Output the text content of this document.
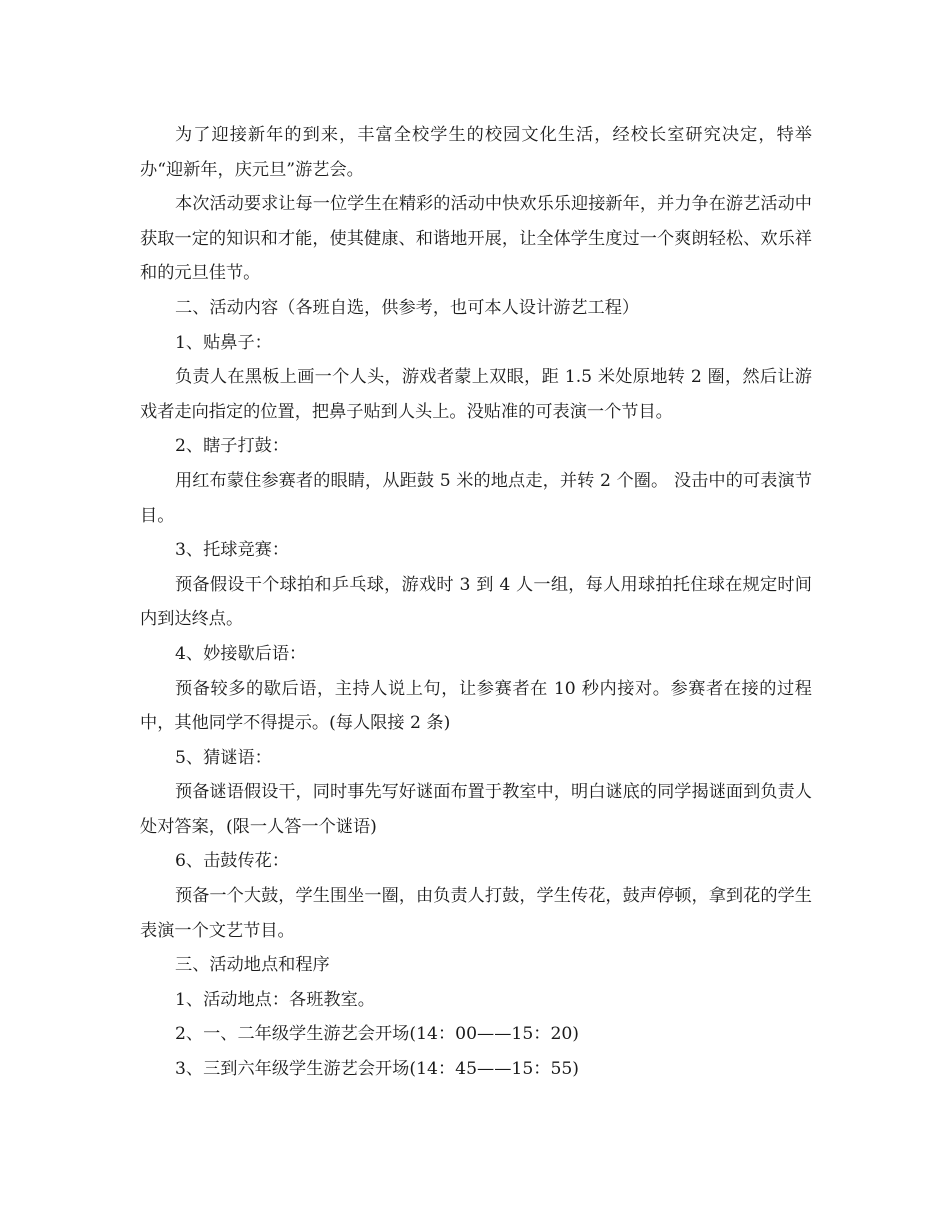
为了迎接新年的到来，丰富全校学生的校园文化生活，经校长室研究决定，特举办“迎新年，庆元旦”游艺会。

本次活动要求让每一位学生在精彩的活动中快欢乐乐迎接新年，并力争在游艺活动中获取一定的知识和才能，使其健康、和谐地开展，让全体学生度过一个爽朗轻松、欢乐祥和的元旦佳节。

二、活动内容（各班自选，供参考，也可本人设计游艺工程）

1、贴鼻子：

负责人在黑板上画一个人头，游戏者蒙上双眼，距 1.5 米处原地转 2 圈，然后让游戏者走向指定的位置，把鼻子贴到人头上。没贴准的可表演一个节目。

2、瞎子打鼓：

用红布蒙住参赛者的眼睛，从距鼓 5 米的地点走，并转 2 个圈。 没击中的可表演节目。

3、托球竞赛：

预备假设干个球拍和乒乓球，游戏时 3 到 4 人一组，每人用球拍托住球在规定时间内到达终点。

4、妙接歇后语：

预备较多的歇后语，主持人说上句，让参赛者在 10 秒内接对。参赛者在接的过程中，其他同学不得提示。(每人限接 2 条)

5、猜谜语：

预备谜语假设干，同时事先写好谜面布置于教室中，明白谜底的同学揭谜面到负责人处对答案，(限一人答一个谜语)

6、击鼓传花：

预备一个大鼓，学生围坐一圈，由负责人打鼓，学生传花，鼓声停顿，拿到花的学生表演一个文艺节目。

三、活动地点和程序

1、活动地点：各班教室。

2、一、二年级学生游艺会开场(14：00——15：20)

3、三到六年级学生游艺会开场(14：45——15：55)
